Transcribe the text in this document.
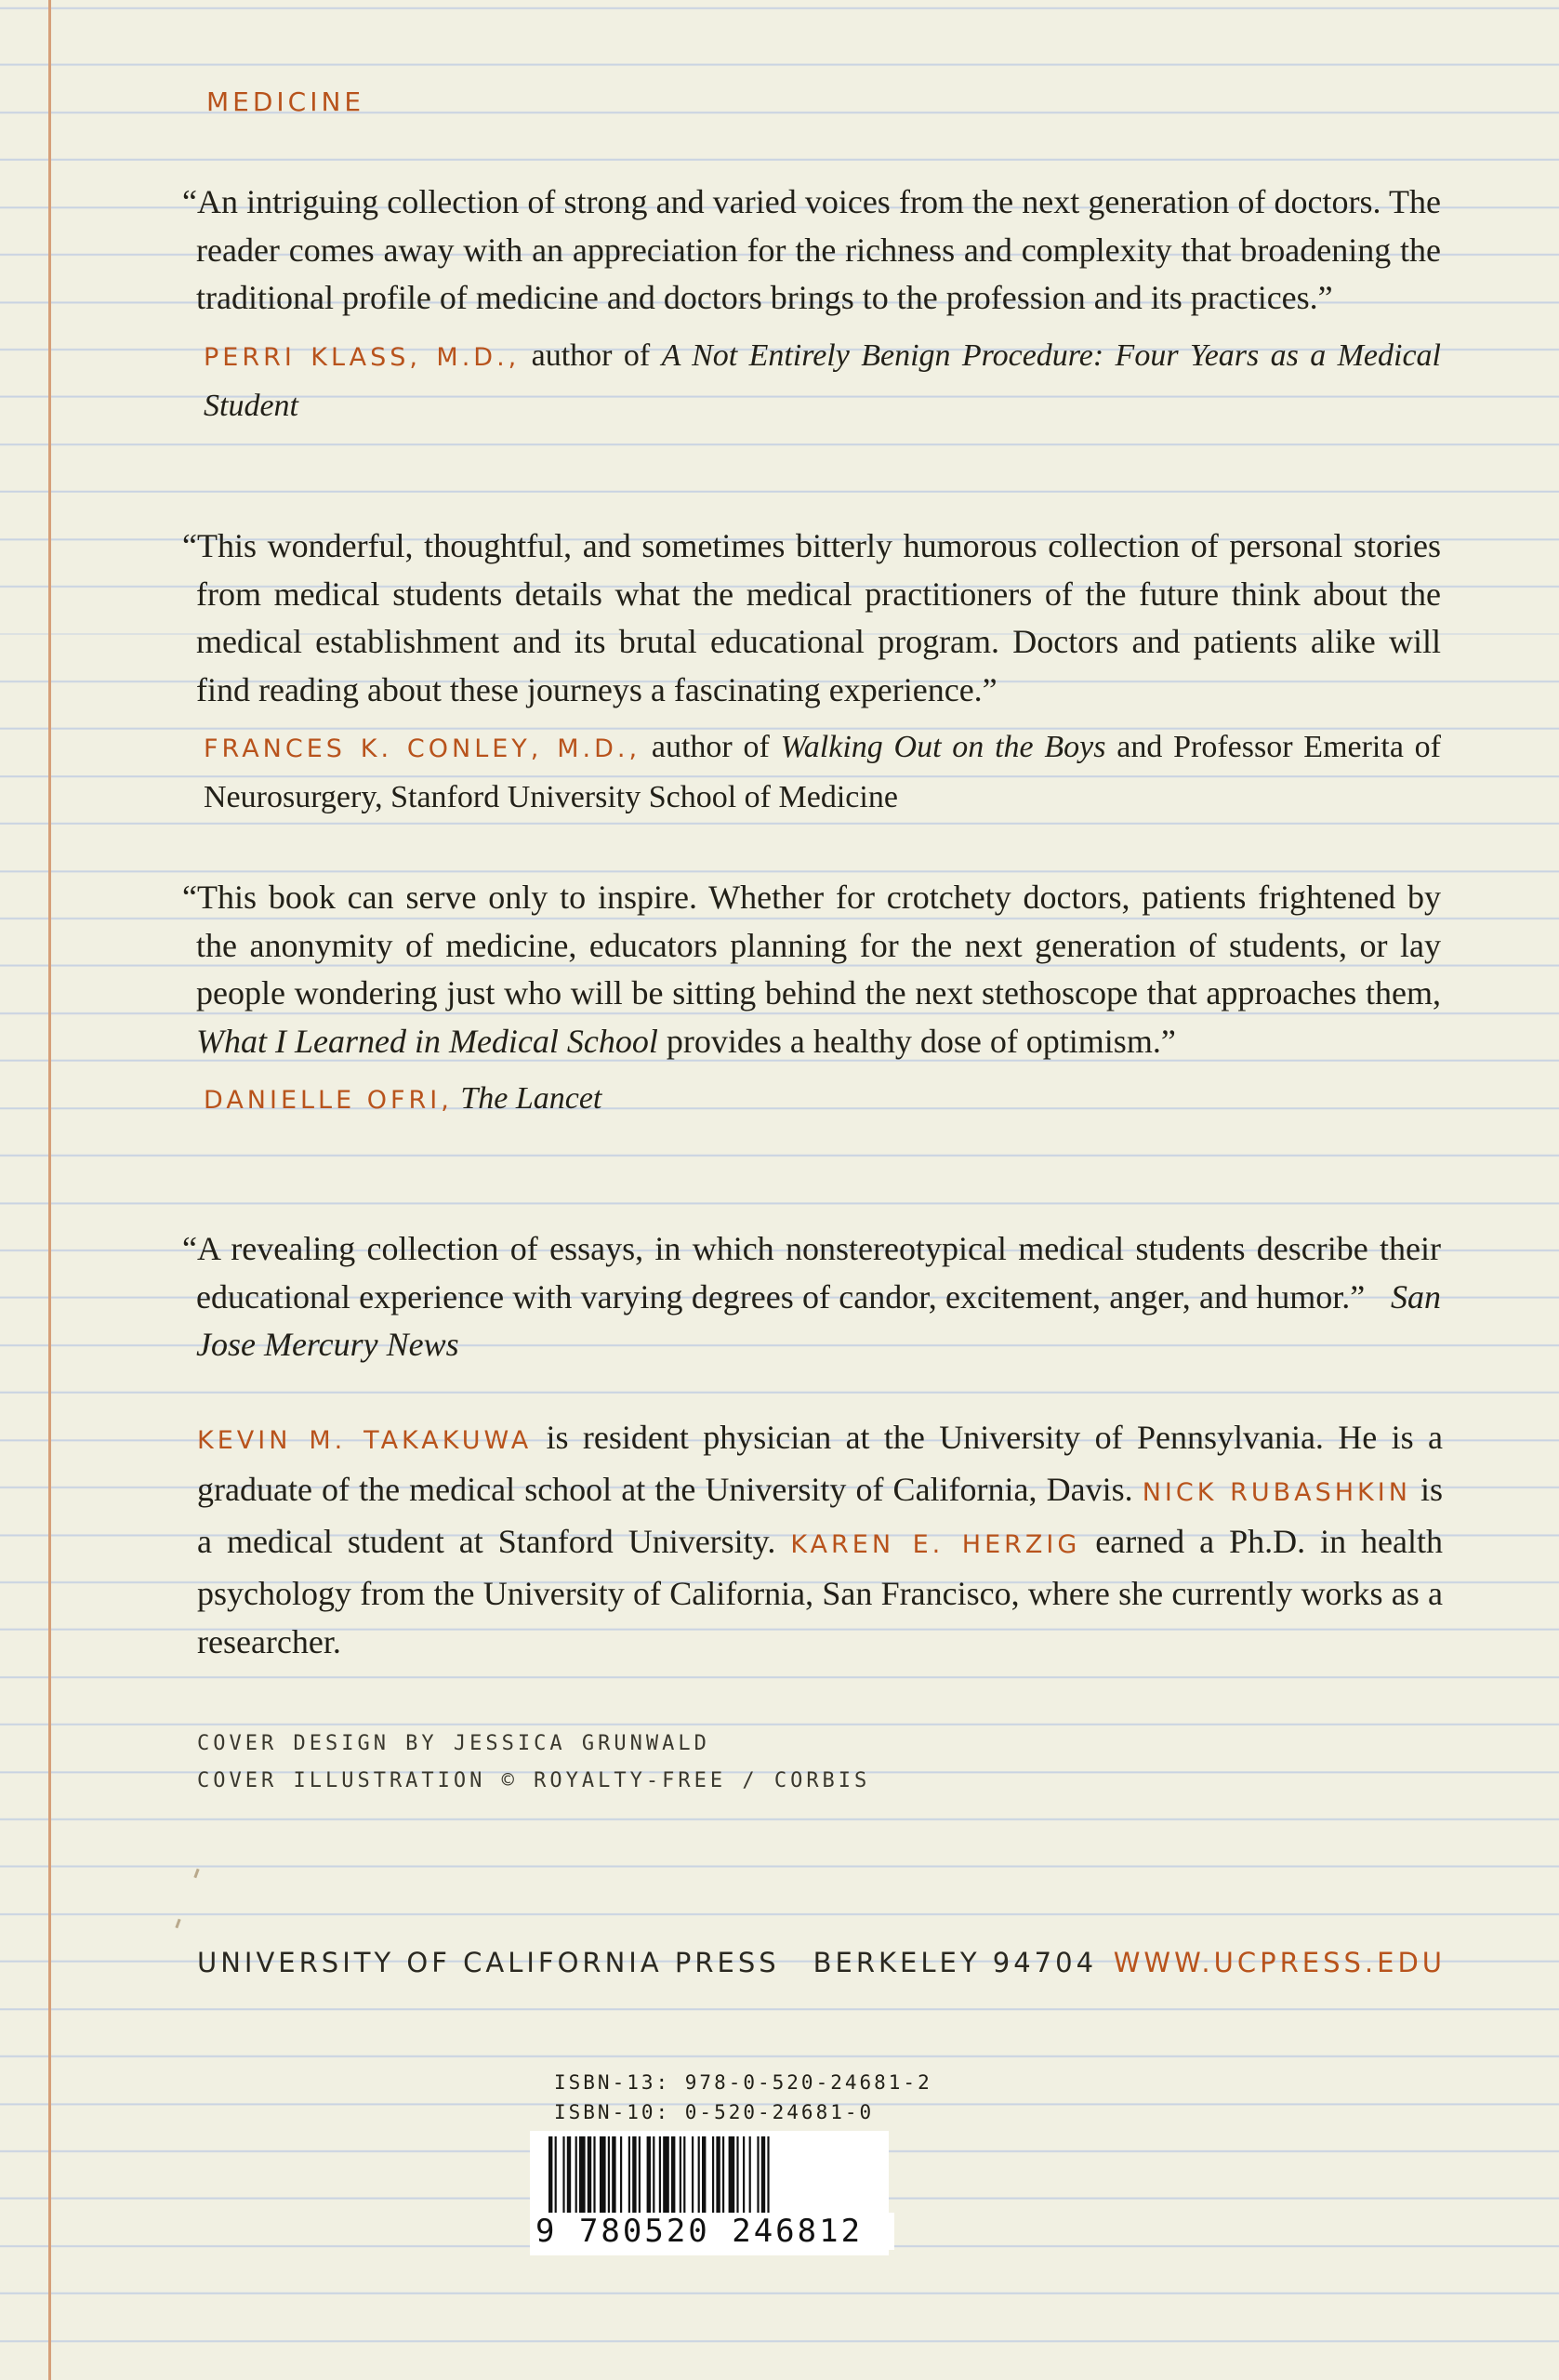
MEDICINE
“An intriguing collection of strong and varied voices from the next generation of doctors. The reader comes away with an appreciation for the richness and complexity that broadening the traditional profile of medicine and doctors brings to the profession and its practices.”
PERRI KLASS, M.D., author of A Not Entirely Benign Procedure: Four Years as a Medical Student
“This wonderful, thoughtful, and sometimes bitterly humorous collection of personal stories from medical students details what the medical practitioners of the future think about the medical establishment and its brutal educational program. Doctors and patients alike will find reading about these journeys a fascinating experience.”
FRANCES K. CONLEY, M.D., author of Walking Out on the Boys and Professor Emerita of Neurosurgery, Stanford University School of Medicine
“This book can serve only to inspire. Whether for crotchety doctors, patients frightened by the anonymity of medicine, educators planning for the next generation of students, or lay people wondering just who will be sitting behind the next stethoscope that approaches them, What I Learned in Medical School provides a healthy dose of optimism.”
DANIELLE OFRI, The Lancet
“A revealing collection of essays, in which nonstereotypical medical students describe their educational experience with varying degrees of candor, excitement, anger, and humor.” San Jose Mercury News
KEVIN M. TAKAKUWA is resident physician at the University of Pennsylvania. He is a graduate of the medical school at the University of California, Davis. NICK RUBASHKIN is a medical student at Stanford University. KAREN E. HERZIG earned a Ph.D. in health psychology from the University of California, San Francisco, where she currently works as a researcher.
COVER DESIGN BY JESSICA GRUNWALD
COVER ILLUSTRATION © ROYALTY-FREE / CORBIS
UNIVERSITY OF CALIFORNIA PRESS BERKELEY 94704 WWW.UCPRESS.EDU
ISBN-13: 978-0-520-24681-2
ISBN-10: 0-520-24681-0
9 780520 246812
